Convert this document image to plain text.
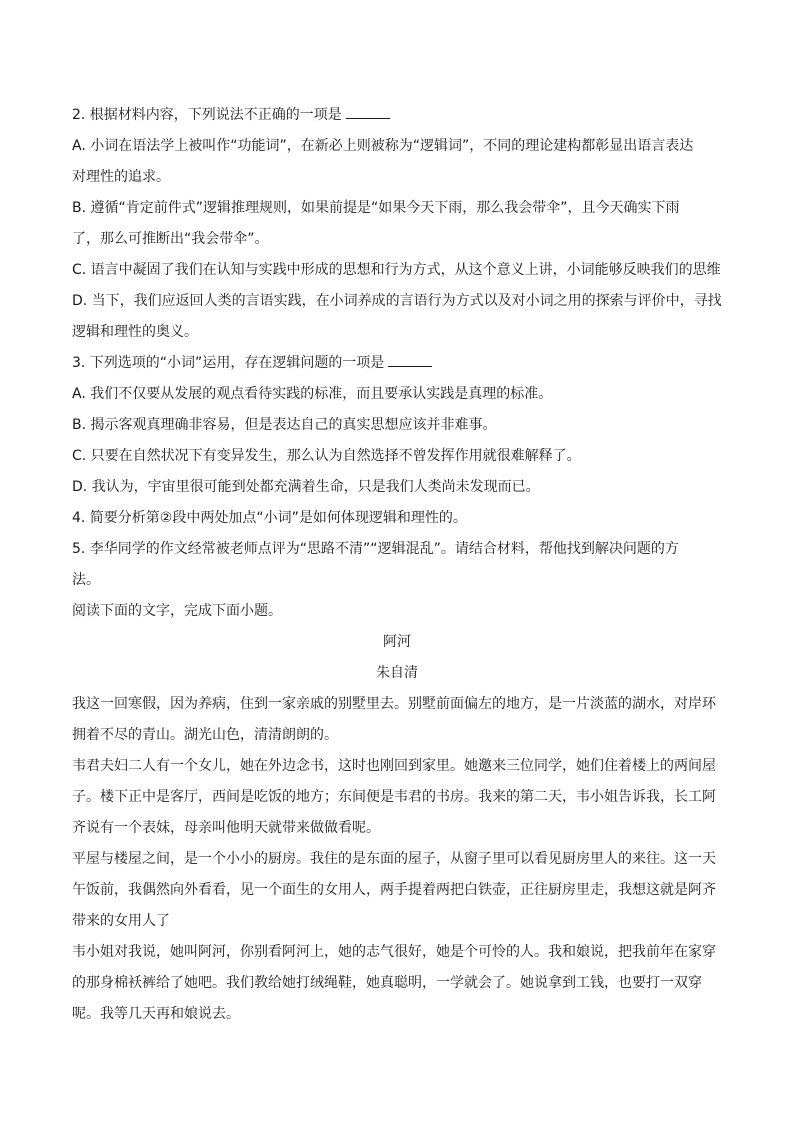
2. 根据材料内容，下列说法不正确的一项是
A. 小词在语法学上被叫作“功能词”，在新必上则被称为“逻辑词”，不同的理论建构都彰显出语言表达
对理性的追求。
B. 遵循“肯定前件式”逻辑推理规则，如果前提是“如果今天下雨，那么我会带伞”，且今天确实下雨
了，那么可推断出“我会带伞”。
C. 语言中凝固了我们在认知与实践中形成的思想和行为方式，从这个意义上讲，小词能够反映我们的思维
D. 当下，我们应返回人类的言语实践，在小词养成的言语行为方式以及对小词之用的探索与评价中，寻找
逻辑和理性的奥义。
3. 下列选项的“小词”运用，存在逻辑问题的一项是
A. 我们不仅要从发展的观点看待实践的标准，而且要承认实践是真理的标准。
B. 揭示客观真理确非容易，但是表达自己的真实思想应该并非难事。
C. 只要在自然状况下有变异发生，那么认为自然选择不曾发挥作用就很难解释了。
D. 我认为，宇宙里很可能到处都充满着生命，只是我们人类尚未发现而已。
4. 简要分析第②段中两处加点“小词”是如何体现逻辑和理性的。
5. 李华同学的作文经常被老师点评为“思路不清”“逻辑混乱”。请结合材料，帮他找到解决问题的方
法。
阅读下面的文字，完成下面小题。
阿河
朱自清
我这一回寒假，因为养病，住到一家亲戚的别墅里去。别墅前面偏左的地方，是一片淡蓝的湖水，对岸环
拥着不尽的青山。湖光山色，清清朗朗的。
韦君夫妇二人有一个女儿，她在外边念书，这时也刚回到家里。她邀来三位同学，她们住着楼上的两间屋
子。楼下正中是客厅，西间是吃饭的地方；东间便是韦君的书房。我来的第二天，韦小姐告诉我，长工阿
齐说有一个表妹，母亲叫他明天就带来做做看呢。
平屋与楼屋之间，是一个小小的厨房。我住的是东面的屋子，从窗子里可以看见厨房里人的来往。这一天
午饭前，我偶然向外看看，见一个面生的女用人，两手提着两把白铁壶，正往厨房里走，我想这就是阿齐
带来的女用人了
韦小姐对我说，她叫阿河，你别看阿河上，她的志气很好，她是个可怜的人。我和娘说，把我前年在家穿
的那身棉袄裤给了她吧。我们教给她打绒绳鞋，她真聪明，一学就会了。她说拿到工钱，也要打一双穿
呢。我等几天再和娘说去。
